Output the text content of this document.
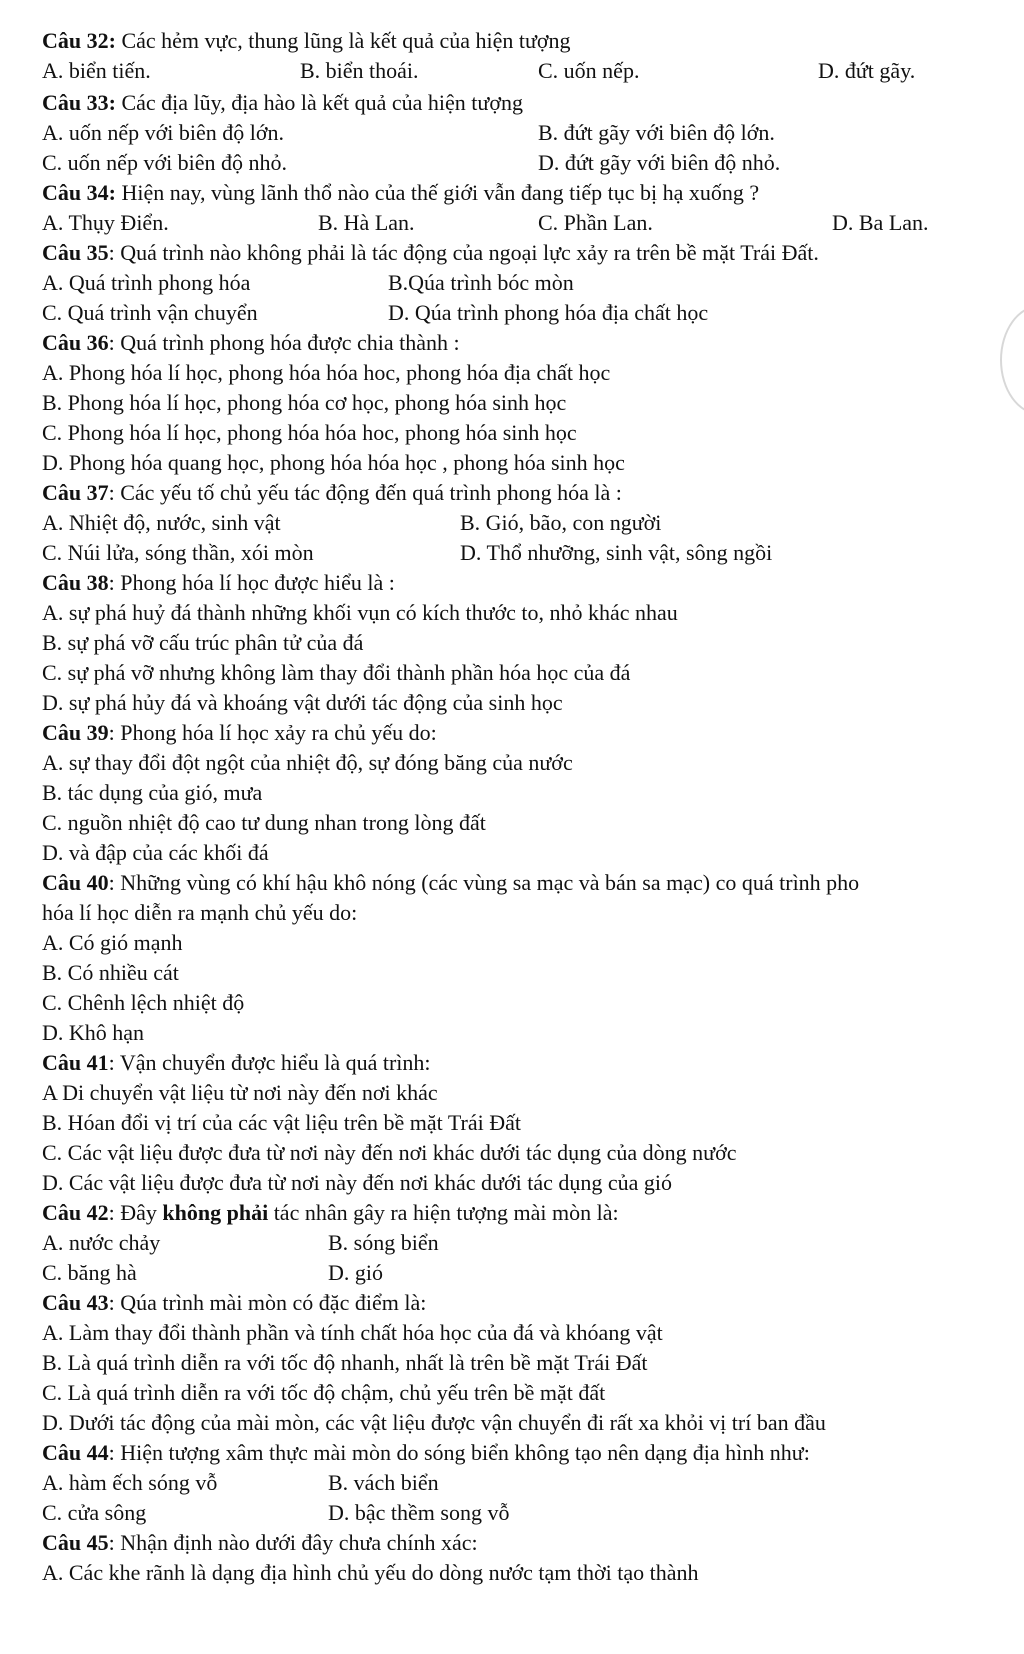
Câu 32: Các hẻm vực, thung lũng là kết quả của hiện tượng
A. biển tiến.	B. biển thoái.	C. uốn nếp.	D. đứt gãy.
Câu 33: Các địa lũy, địa hào là kết quả của hiện tượng
A. uốn nếp với biên độ lớn.	B. đứt gãy với biên độ lớn.
C. uốn nếp với biên độ nhỏ.	D. đứt gãy với biên độ nhỏ.
Câu 34: Hiện nay, vùng lãnh thổ nào của thế giới vẫn đang tiếp tục bị hạ xuống ?
A. Thụy Điển.	B. Hà Lan.	C. Phần Lan.	D. Ba Lan.
Câu 35: Quá trình nào không phải là tác động của ngoại lực xảy ra trên bề mặt Trái Đất.
A. Quá trình phong hóa	B.Qúa trình bóc mòn
C. Quá trình vận chuyển	D. Qúa trình phong hóa địa chất học
Câu 36: Quá trình phong hóa được chia thành :
A. Phong hóa lí học, phong hóa hóa hoc, phong hóa địa chất học
B. Phong hóa lí học, phong hóa cơ học, phong hóa sinh học
C. Phong hóa lí học, phong hóa hóa hoc, phong hóa sinh học
D. Phong hóa quang học, phong hóa hóa học , phong hóa sinh học
Câu 37: Các yếu tố chủ yếu tác động đến quá trình phong hóa là :
A. Nhiệt độ, nước, sinh vật	B. Gió, bão, con người
C. Núi lửa, sóng thần, xói mòn	D. Thổ nhưỡng, sinh vật, sông ngồi
Câu 38: Phong hóa lí học được hiểu là :
A. sự phá huỷ đá thành những khối vụn có kích thước to, nhỏ khác nhau
B. sự phá vỡ cấu trúc phân tử của đá
C. sự phá vỡ nhưng không làm thay đổi thành phần hóa học của đá
D. sự phá hủy đá và khoáng vật dưới tác động của sinh học
Câu 39: Phong hóa lí học xảy ra chủ yếu do:
A. sự thay đổi đột ngột của nhiệt độ, sự đóng băng của nước
B. tác dụng của gió, mưa
C. nguồn nhiệt độ cao tư dung nhan trong lòng đất
D. và đập của các khối đá
Câu 40: Những vùng có khí hậu khô nóng (các vùng sa mạc và bán sa mạc) co quá trình pho
hóa lí học diễn ra mạnh chủ yếu do:
A. Có gió mạnh
B. Có nhiều cát
C. Chênh lệch nhiệt độ
D. Khô hạn
Câu 41: Vận chuyển được hiểu là quá trình:
A Di chuyển vật liệu từ nơi này đến nơi khác
B. Hóan đổi vị trí của các vật liệu trên bề mặt Trái Đất
C. Các vật liệu được đưa từ nơi này đến nơi khác dưới tác dụng của dòng nước
D. Các vật liệu được đưa từ nơi này đến nơi khác dưới tác dụng của gió
Câu 42: Đây không phải tác nhân gây ra hiện tượng mài mòn là:
A. nước chảy	B. sóng biển
C. băng hà	D. gió
Câu 43: Qúa trình mài mòn có đặc điểm là:
A. Làm thay đổi thành phần và tính chất hóa học của đá và khóang vật
B. Là quá trình diễn ra với tốc độ nhanh, nhất là trên bề mặt Trái Đất
C. Là quá trình diễn ra với tốc độ chậm, chủ yếu trên bề mặt đất
D. Dưới tác động của mài mòn, các vật liệu được vận chuyển đi rất xa khỏi vị trí ban đầu
Câu 44: Hiện tượng xâm thực mài mòn do sóng biển không tạo nên dạng địa hình như:
A. hàm ếch sóng vỗ	B. vách biển
C. cửa sông	D. bậc thềm song vỗ
Câu 45: Nhận định nào dưới đây chưa chính xác:
A. Các khe rãnh là dạng địa hình chủ yếu do dòng nước tạm thời tạo thành
